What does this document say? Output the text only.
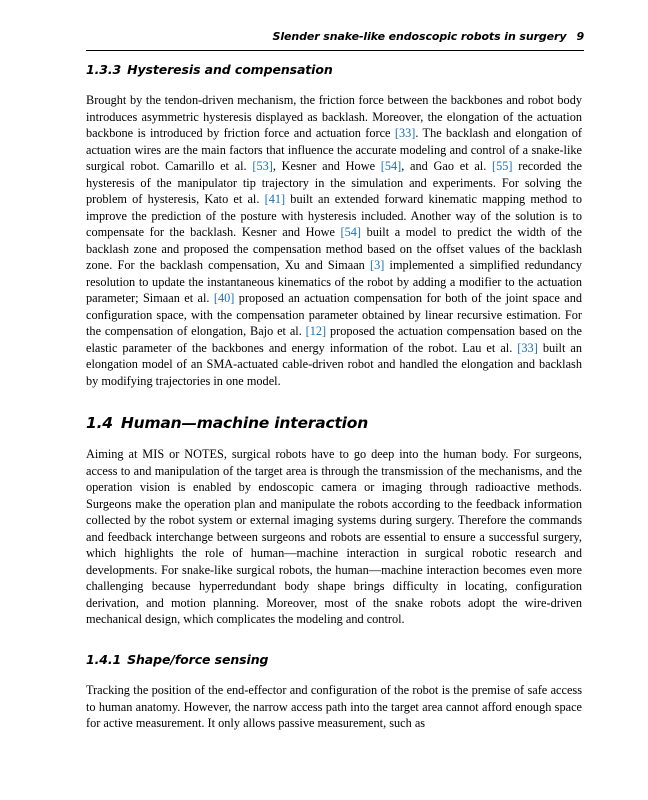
Slender snake-like endoscopic robots in surgery 9
1.3.3 Hysteresis and compensation

Brought by the tendon-driven mechanism, the friction force between the backbones and robot body introduces asymmetric hysteresis displayed as backlash. Moreover, the elongation of the actuation backbone is introduced by friction force and actuation force [33]. The backlash and elongation of actuation wires are the main factors that influence the accurate modeling and control of a snake-like surgical robot. Camarillo et al. [53], Kesner and Howe [54], and Gao et al. [55] recorded the hysteresis of the manipulator tip trajectory in the simulation and experiments. For solving the problem of hysteresis, Kato et al. [41] built an extended forward kinematic mapping method to improve the prediction of the posture with hysteresis included. Another way of the solution is to compensate for the backlash. Kesner and Howe [54] built a model to predict the width of the backlash zone and proposed the compensation method based on the offset values of the backlash zone. For the backlash compensation, Xu and Simaan [3] implemented a simplified redundancy resolution to update the instantaneous kinematics of the robot by adding a modifier to the actuation parameter; Simaan et al. [40] proposed an actuation compensation for both of the joint space and configuration space, with the compensation parameter obtained by linear recursive estimation. For the compensation of elongation, Bajo et al. [12] proposed the actuation compensation based on the elastic parameter of the backbones and energy information of the robot. Lau et al. [33] built an elongation model of an SMA-actuated cable-driven robot and handled the elongation and backlash by modifying trajectories in one model.

1.4 Human—machine interaction

Aiming at MIS or NOTES, surgical robots have to go deep into the human body. For surgeons, access to and manipulation of the target area is through the transmission of the mechanisms, and the operation vision is enabled by endoscopic camera or imaging through radioactive methods. Surgeons make the operation plan and manipulate the robots according to the feedback information collected by the robot system or external imaging systems during surgery. Therefore the commands and feedback interchange between surgeons and robots are essential to ensure a successful surgery, which highlights the role of human—machine interaction in surgical robotic research and developments. For snake-like surgical robots, the human—machine interaction becomes even more challenging because hyperredundant body shape brings difficulty in locating, configuration derivation, and motion planning. Moreover, most of the snake robots adopt the wire-driven mechanical design, which complicates the modeling and control.

1.4.1 Shape/force sensing

Tracking the position of the end-effector and configuration of the robot is the premise of safe access to human anatomy. However, the narrow access path into the target area cannot afford enough space for active measurement. It only allows passive measurement, such as
